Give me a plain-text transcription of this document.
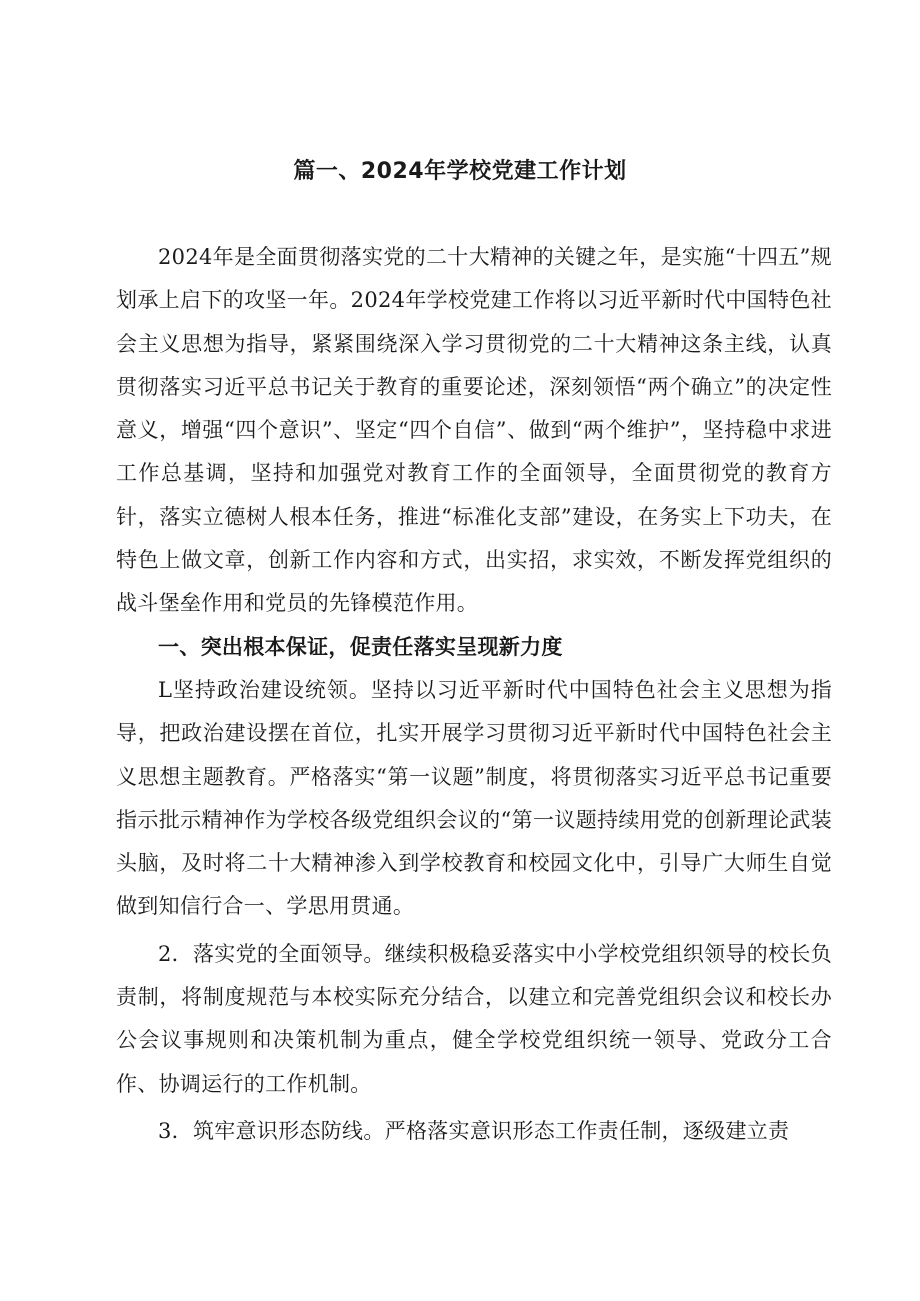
篇一、2024年学校党建工作计划

2024年是全面贯彻落实党的二十大精神的关键之年，是实施“十四五”规划承上启下的攻坚一年。2024年学校党建工作将以习近平新时代中国特色社会主义思想为指导，紧紧围绕深入学习贯彻党的二十大精神这条主线，认真贯彻落实习近平总书记关于教育的重要论述，深刻领悟“两个确立”的决定性意义，增强“四个意识”、坚定“四个自信”、做到“两个维护”，坚持稳中求进工作总基调，坚持和加强党对教育工作的全面领导，全面贯彻党的教育方针，落实立德树人根本任务，推进“标准化支部”建设，在务实上下功夫，在特色上做文章，创新工作内容和方式，出实招，求实效，不断发挥党组织的战斗堡垒作用和党员的先锋模范作用。

一、突出根本保证，促责任落实呈现新力度

L坚持政治建设统领。坚持以习近平新时代中国特色社会主义思想为指导，把政治建设摆在首位，扎实开展学习贯彻习近平新时代中国特色社会主义思想主题教育。严格落实“第一议题”制度，将贯彻落实习近平总书记重要指示批示精神作为学校各级党组织会议的“第一议题持续用党的创新理论武装头脑，及时将二十大精神渗入到学校教育和校园文化中，引导广大师生自觉做到知信行合一、学思用贯通。

2．落实党的全面领导。继续积极稳妥落实中小学校党组织领导的校长负责制，将制度规范与本校实际充分结合，以建立和完善党组织会议和校长办公会议事规则和决策机制为重点，健全学校党组织统一领导、党政分工合作、协调运行的工作机制。

3．筑牢意识形态防线。严格落实意识形态工作责任制，逐级建立责
